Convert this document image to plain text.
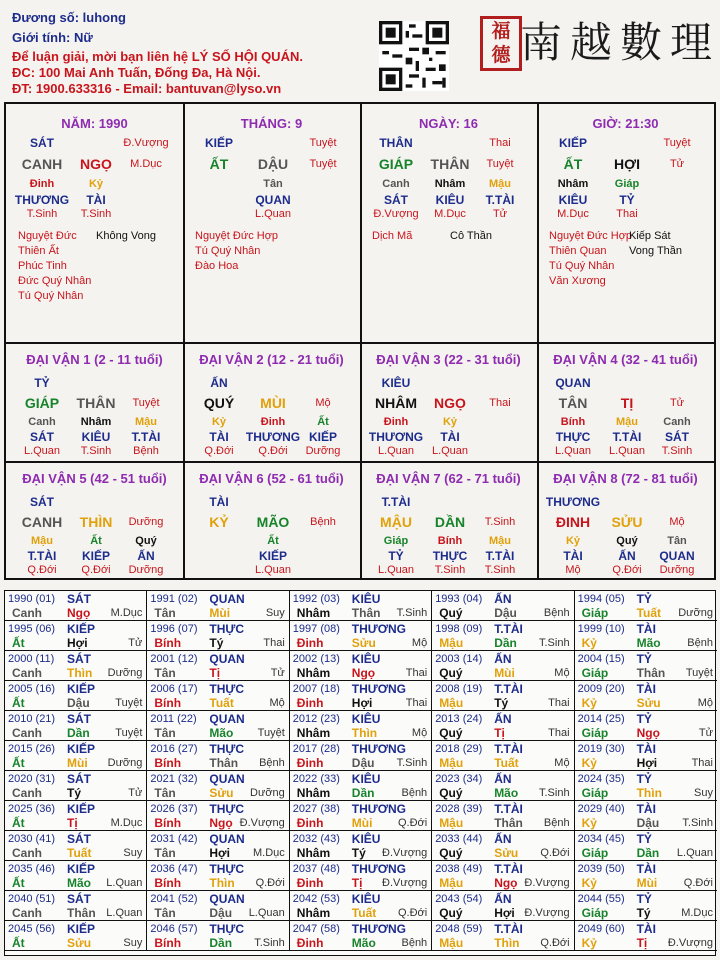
Đương số: luhong
Giới tính: Nữ
Để luận giải, mời bạn liên hệ LÝ SỐ HỘI QUÁN.
ĐC: 100 Mai Anh Tuấn, Đống Đa, Hà Nội.
ĐT: 1900.633316 - Email: bantuvan@lyso.vn
福
德 南越數理
NĂM: 1990
SÁT	Đ.Vượng
CANH NGỌ M.Dục
Đinh
THƯƠNG
T.Sinh
Kỷ
TÀI
T.Sinh
Nguyệt Đức
Thiên Ất
Phúc Tinh
Đức Quý Nhân
Tú Quý Nhân
Không Vong
THÁNG: 9
KIẾP	Tuyệt
ẤT DẬU Tuyệt
Tân
QUAN
L.Quan
Nguyệt Đức Hợp
Tú Quý Nhân
Đào Hoa
NGÀY: 16
THÂN	Thai
GIÁP THÂN Tuyệt
Canh
SÁT
Đ.Vượng
Nhâm
KIÊU
M.Dục
Mậu
T.TÀI
Tử
Dịch Mã	Cô Thần
GIỜ: 21:30
KIẾP	Tuyệt
ẤT HỢI	Tử
Nhâm
KIÊU
M.Dục
Giáp
TỶ
Thai
Nguyệt Đức Hợp
Thiên Quan
Tú Quý Nhân
Văn Xương
Kiếp Sát
Vong Thần
ĐẠI VẬN 1 (2 - 11 tuổi)
TỶ
GIÁP THÂN Tuyệt
Canh
SÁT
L.Quan
Nhâm
KIÊU
T.Sinh
Mậu
T.TÀI
Bệnh
ĐẠI VẬN 2 (12 - 21 tuổi)
ẤN
QUÝ MÙI	Mộ
Kỷ
TÀI
Q.Đới
Đinh
THƯƠNG
Q.Đới
Ất
KIẾP
Dưỡng
ĐẠI VẬN 3 (22 - 31 tuổi)
KIÊU
NHÂM NGỌ Thai
Đinh
THƯƠNG
L.Quan
Kỷ
TÀI
L.Quan
ĐẠI VẬN 4 (32 - 41 tuổi)
QUAN
TÂN TỊ	Tử
Bính
THỰC
L.Quan
Mậu
T.TÀI
L.Quan
Canh
SÁT
T.Sinh
ĐẠI VẬN 5 (42 - 51 tuổi)
SÁT
CANH THÌN Dưỡng
Mậu
T.TÀI
Q.Đới
Ất
KIẾP
Q.Đới
Quý
ẤN
Dưỡng
ĐẠI VẬN 6 (52 - 61 tuổi)
TÀI
KỶ MÃO Bệnh
Ất
KIẾP
L.Quan
ĐẠI VẬN 7 (62 - 71 tuổi)
T.TÀI
MẬU DẦN T.Sinh
Giáp
TỶ
L.Quan
Bính
THỰC
T.Sinh
Mậu
T.TÀI
T.Sinh
ĐẠI VẬN 8 (72 - 81 tuổi)
THƯƠNG
ĐINH SỬU Mộ
Kỷ
TÀI
Mộ
Quý
ẤN
Q.Đới
Tân
QUAN
Dưỡng
1990 (01) SÁT
Canh Ngọ M.Dục
1991 (02) QUAN
Tân	Mùi	Suy
1992 (03) KIÊU
Nhâm Thân T.Sinh
1993 (04) ẤN
Quý	Dậu Bệnh
1994 (05) TỶ
Giáp Tuất Dưỡng
1995 (06) KIẾP
Ất	Hợi	Tử
1996 (07) THỰC
Bính Tý	Thai
1997 (08) THƯƠNG
Đinh Sửu	Mộ
1998 (09) T.TÀI
Mậu	Dần T.Sinh
1999 (10) TÀI
Kỷ	Mão Bệnh
2000 (11) SÁT
Canh Thìn Dưỡng
2001 (12) QUAN
Tân	Tị	Tử
2002 (13) KIÊU
Nhâm Ngọ	Thai
2003 (14) ẤN
Quý	Mùi	Mộ
2004 (15) TỶ
Giáp Thân Tuyệt
2005 (16) KIẾP
Ất	Dậu Tuyệt
2006 (17) THỰC
Bính Tuất	Mộ
2007 (18) THƯƠNG
Đinh Hợi	Thai
2008 (19) T.TÀI
Mậu	Tý	Thai
2009 (20) TÀI
Kỷ	Sửu	Mộ
2010 (21) SÁT
Canh Dần Tuyệt
2011 (22) QUAN
Tân	Mão Tuyệt
2012 (23) KIÊU
Nhâm Thìn	Mộ
2013 (24) ẤN
Quý	Tị	Thai
2014 (25) TỶ
Giáp Ngọ	Tử
2015 (26) KIẾP
Ất	Mùi Dưỡng
2016 (27) THỰC
Bính Thân Bệnh
2017 (28) THƯƠNG
Đinh Dậu T.Sinh
2018 (29) T.TÀI
Mậu	Tuất	Mộ
2019 (30) TÀI
Kỷ	Hợi	Thai
2020 (31) SÁT
Canh Tý	Tử
2021 (32) QUAN
Tân	Sửu Dưỡng
2022 (33) KIÊU
Nhâm Dần Bệnh
2023 (34) ẤN
Quý	Mão T.Sinh
2024 (35) TỶ
Giáp Thìn	Suy
2025 (36) KIẾP
Ất	Tị	M.Dục
2026 (37) THỰC
Bính Ngọ Đ.Vượng
2027 (38) THƯƠNG
Đinh Mùi Q.Đới
2028 (39) T.TÀI
Mậu	Thân Bệnh
2029 (40) TÀI
Kỷ	Dậu T.Sinh
2030 (41) SÁT
Canh Tuất	Suy
2031 (42) QUAN
Tân	Hợi M.Dục
2032 (43) KIÊU
Nhâm Tý Đ.Vượng
2033 (44) ẤN
Quý	Sửu Q.Đới
2034 (45) TỶ
Giáp Dần L.Quan
2035 (46) KIẾP
Ất	Mão L.Quan
2036 (47) THỰC
Bính Thìn Q.Đới
2037 (48) THƯƠNG
Đinh Tị Đ.Vượng
2038 (49) T.TÀI
Mậu	Ngọ Đ.Vượng
2039 (50) TÀI
Kỷ	Mùi Q.Đới
2040 (51) SÁT
Canh Thân L.Quan
2041 (52) QUAN
Tân	Dậu L.Quan
2042 (53) KIÊU
Nhâm Tuất Q.Đới
2043 (54) ẤN
Quý	Hợi Đ.Vượng
2044 (55) TỶ
Giáp Tý	M.Dục
2045 (56) KIẾP
Ất	Sửu	Suy
2046 (57) THỰC
Bính Dần T.Sinh
2047 (58) THƯƠNG
Đinh Mão Bệnh
2048 (59) T.TÀI
Mậu	Thìn Q.Đới
2049 (60) TÀI
Kỷ	Tị Đ.Vượng
